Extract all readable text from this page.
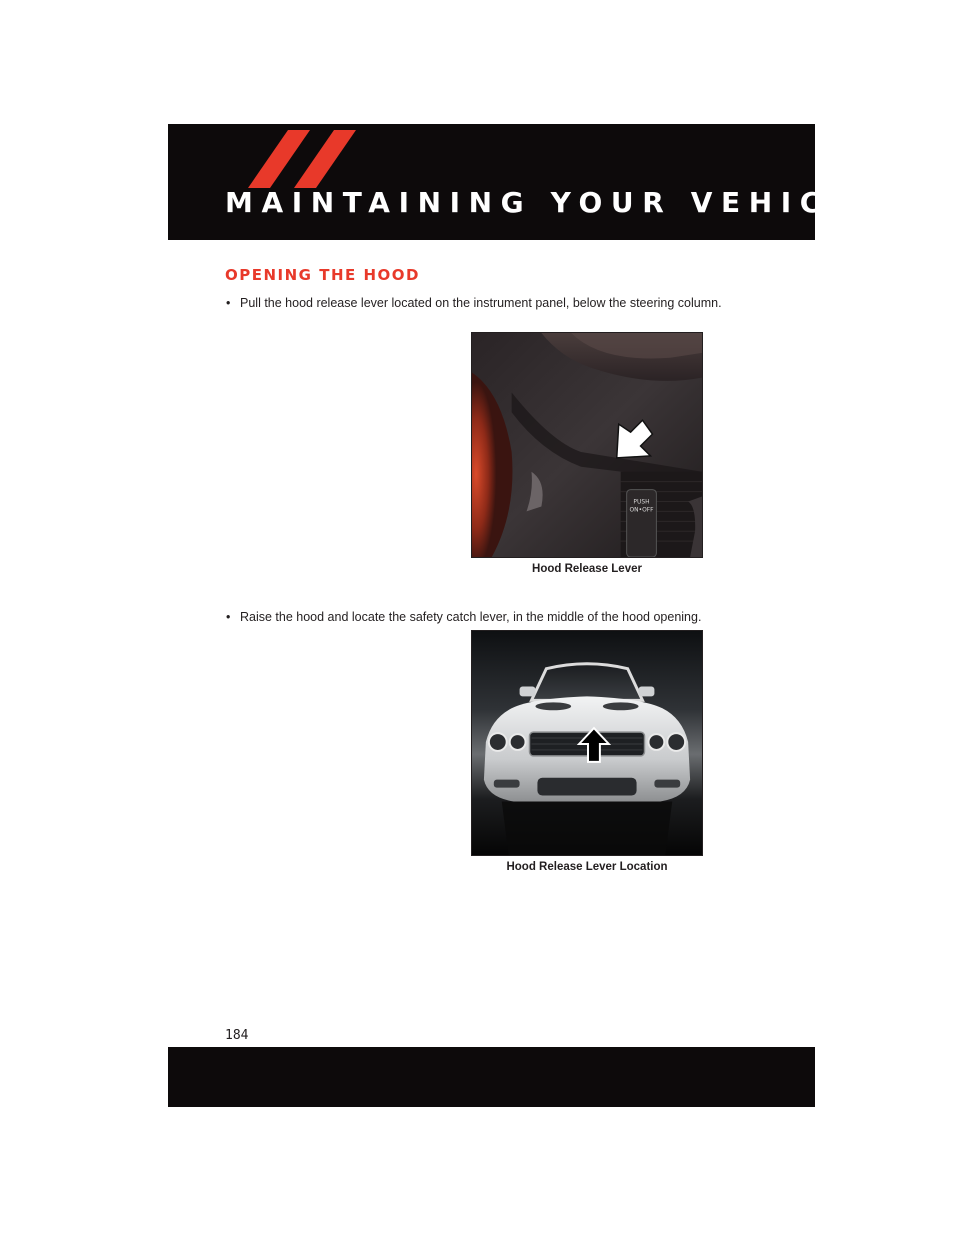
MAINTAINING YOUR VEHICLE
OPENING THE HOOD
• Pull the hood release lever located on the instrument panel, below the steering column.
PUSH
ON•OFF
Hood Release Lever
• Raise the hood and locate the safety catch lever, in the middle of the hood opening.
Hood Release Lever Location
184
